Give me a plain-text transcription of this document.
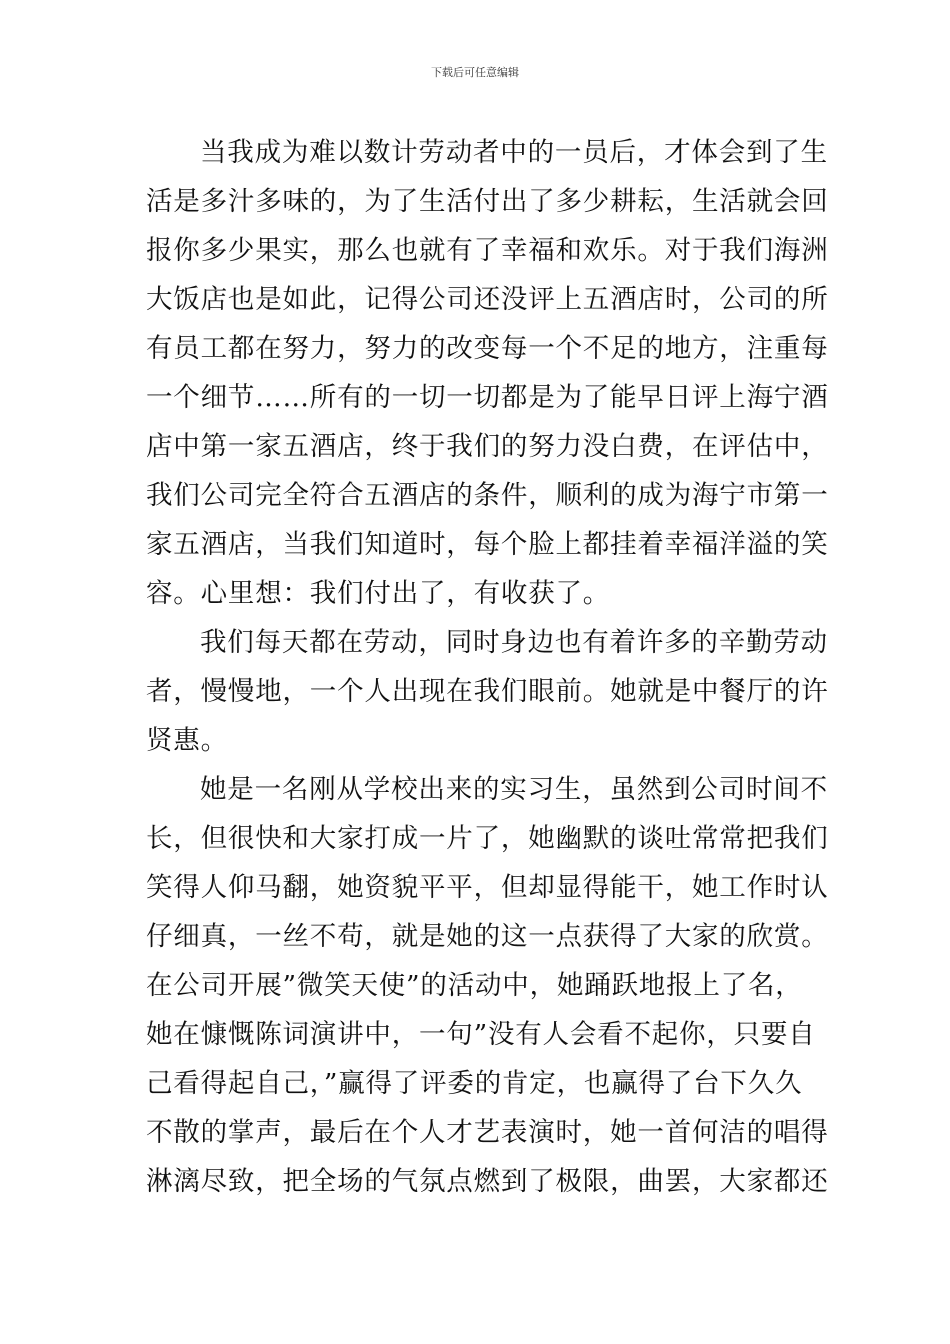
下载后可任意编辑
当我成为难以数计劳动者中的一员后，才体会到了生
活是多汁多味的，为了生活付出了多少耕耘，生活就会回
报你多少果实，那么也就有了幸福和欢乐。对于我们海洲
大饭店也是如此，记得公司还没评上五酒店时，公司的所
有员工都在努力，努力的改变每一个不足的地方，注重每
一个细节……所有的一切一切都是为了能早日评上海宁酒
店中第一家五酒店，终于我们的努力没白费，在评估中，
我们公司完全符合五酒店的条件，顺利的成为海宁市第一
家五酒店，当我们知道时，每个脸上都挂着幸福洋溢的笑
容。心里想：我们付出了，有收获了。
我们每天都在劳动，同时身边也有着许多的辛勤劳动
者，慢慢地，一个人出现在我们眼前。她就是中餐厅的许
贤惠。
她是一名刚从学校出来的实习生，虽然到公司时间不
长，但很快和大家打成一片了，她幽默的谈吐常常把我们
笑得人仰马翻，她资貌平平，但却显得能干，她工作时认
仔细真，一丝不苟，就是她的这一点获得了大家的欣赏。
在公司开展”微笑天使”的活动中，她踊跃地报上了名，
她在慷慨陈词演讲中，一句”没有人会看不起你，只要自
己看得起自己，”赢得了评委的肯定，也赢得了台下久久
不散的掌声，最后在个人才艺表演时，她一首何洁的唱得
淋漓尽致，把全场的气氛点燃到了极限，曲罢，大家都还
